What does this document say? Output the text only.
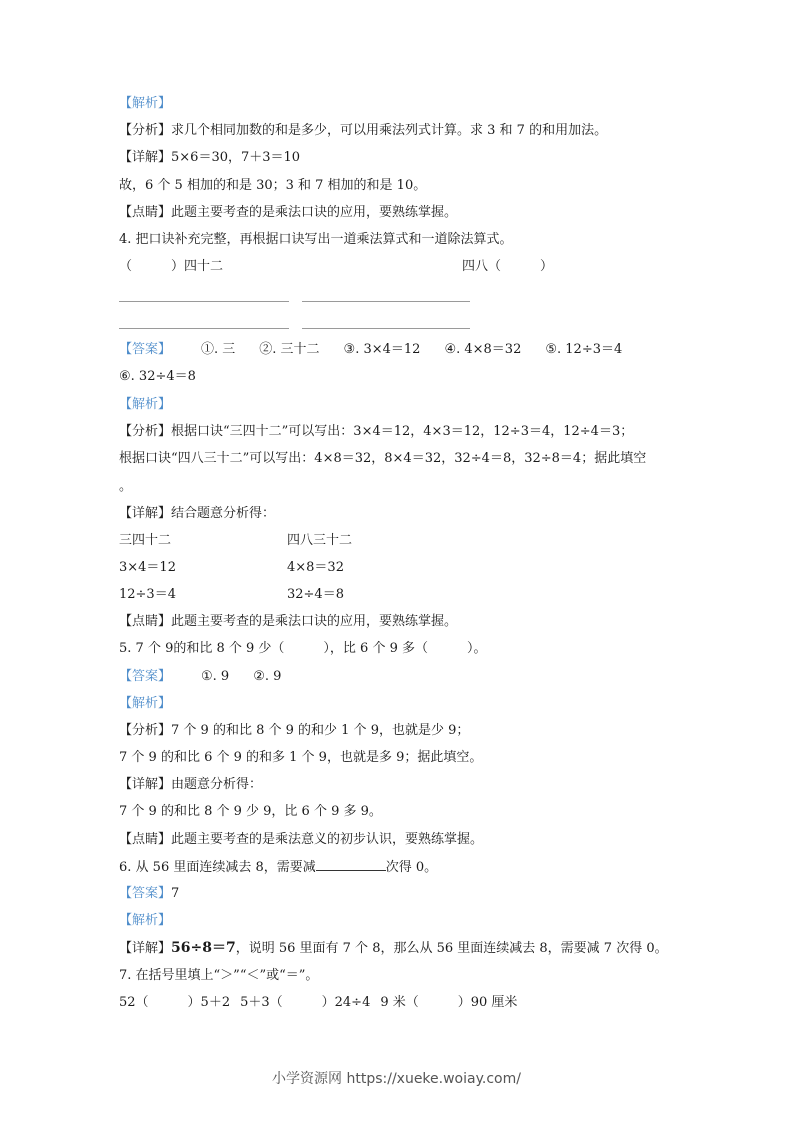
【解析】
【分析】求几个相同加数的和是多少，可以用乘法列式计算。求 3 和 7 的和用加法。
【详解】5×6＝30，7＋3＝10
故，6 个 5 相加的和是 30；3 和 7 相加的和是 10。
【点睛】此题主要考查的是乘法口诀的应用，要熟练掌握。
4. 把口诀补充完整，再根据口诀写出一道乘法算式和一道除法算式。
（　　　）四十二	四八（　　　）
【答案】 ①. 三 ②. 三十二 ③. 3×4＝12 ④. 4×8＝32 ⑤. 12÷3＝4
⑥. 32÷4＝8
【解析】
【分析】根据口诀“三四十二”可以写出：3×4＝12，4×3＝12，12÷3＝4，12÷4＝3；
根据口诀“四八三十二”可以写出：4×8＝32，8×4＝32，32÷4＝8，32÷8＝4；据此填空
。
【详解】结合题意分析得：
三四十二	四八三十二
3×4＝12	4×8＝32
12÷3＝4	32÷4＝8
【点睛】此题主要考查的是乘法口诀的应用，要熟练掌握。
5. 7 个 9的和比 8 个 9 少（　　　），比 6 个 9 多（　　　）。
【答案】 ①. 9 ②. 9
【解析】
【分析】7 个 9 的和比 8 个 9 的和少 1 个 9，也就是少 9；
7 个 9 的和比 6 个 9 的和多 1 个 9，也就是多 9；据此填空。
【详解】由题意分析得：
7 个 9 的和比 8 个 9 少 9，比 6 个 9 多 9。
【点睛】此题主要考查的是乘法意义的初步认识，要熟练掌握。
6. 从 56 里面连续减去 8，需要减	次得 0。
【答案】7
【解析】
【详解】56÷8＝7，说明 56 里面有 7 个 8，那么从 56 里面连续减去 8，需要减 7 次得 0。
7. 在括号里填上“＞”“＜”或“＝”。
52（　　　）5＋2 5＋3（　　　）24÷4 9 米（　　　）90 厘米
小学资源网 https://xueke.woiay.com/
